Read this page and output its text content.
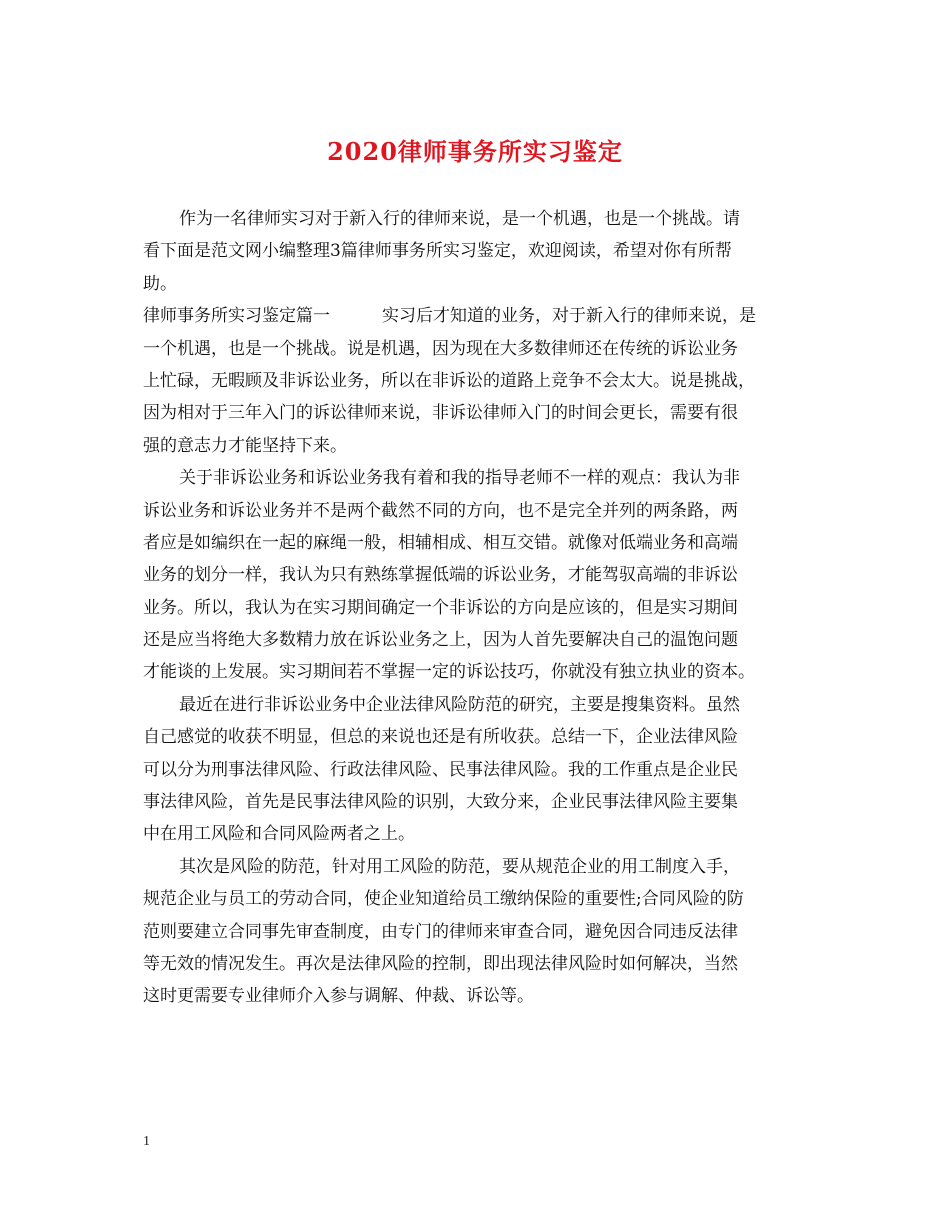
2020律师事务所实习鉴定
作为一名律师实习对于新入行的律师来说，是一个机遇，也是一个挑战。请
看下面是范文网小编整理3篇律师事务所实习鉴定，欢迎阅读，希望对你有所帮
助。
律师事务所实习鉴定篇一	实习后才知道的业务，对于新入行的律师来说，是
一个机遇，也是一个挑战。说是机遇，因为现在大多数律师还在传统的诉讼业务
上忙碌，无暇顾及非诉讼业务，所以在非诉讼的道路上竞争不会太大。说是挑战，
因为相对于三年入门的诉讼律师来说，非诉讼律师入门的时间会更长，需要有很
强的意志力才能坚持下来。
关于非诉讼业务和诉讼业务我有着和我的指导老师不一样的观点：我认为非
诉讼业务和诉讼业务并不是两个截然不同的方向，也不是完全并列的两条路，两
者应是如编织在一起的麻绳一般，相辅相成、相互交错。就像对低端业务和高端
业务的划分一样，我认为只有熟练掌握低端的诉讼业务，才能驾驭高端的非诉讼
业务。所以，我认为在实习期间确定一个非诉讼的方向是应该的，但是实习期间
还是应当将绝大多数精力放在诉讼业务之上，因为人首先要解决自己的温饱问题
才能谈的上发展。实习期间若不掌握一定的诉讼技巧，你就没有独立执业的资本。
最近在进行非诉讼业务中企业法律风险防范的研究，主要是搜集资料。虽然
自己感觉的收获不明显，但总的来说也还是有所收获。总结一下，企业法律风险
可以分为刑事法律风险、行政法律风险、民事法律风险。我的工作重点是企业民
事法律风险，首先是民事法律风险的识别，大致分来，企业民事法律风险主要集
中在用工风险和合同风险两者之上。
其次是风险的防范，针对用工风险的防范，要从规范企业的用工制度入手，
规范企业与员工的劳动合同，使企业知道给员工缴纳保险的重要性;合同风险的防
范则要建立合同事先审查制度，由专门的律师来审查合同，避免因合同违反法律
等无效的情况发生。再次是法律风险的控制，即出现法律风险时如何解决，当然
这时更需要专业律师介入参与调解、仲裁、诉讼等。
1
